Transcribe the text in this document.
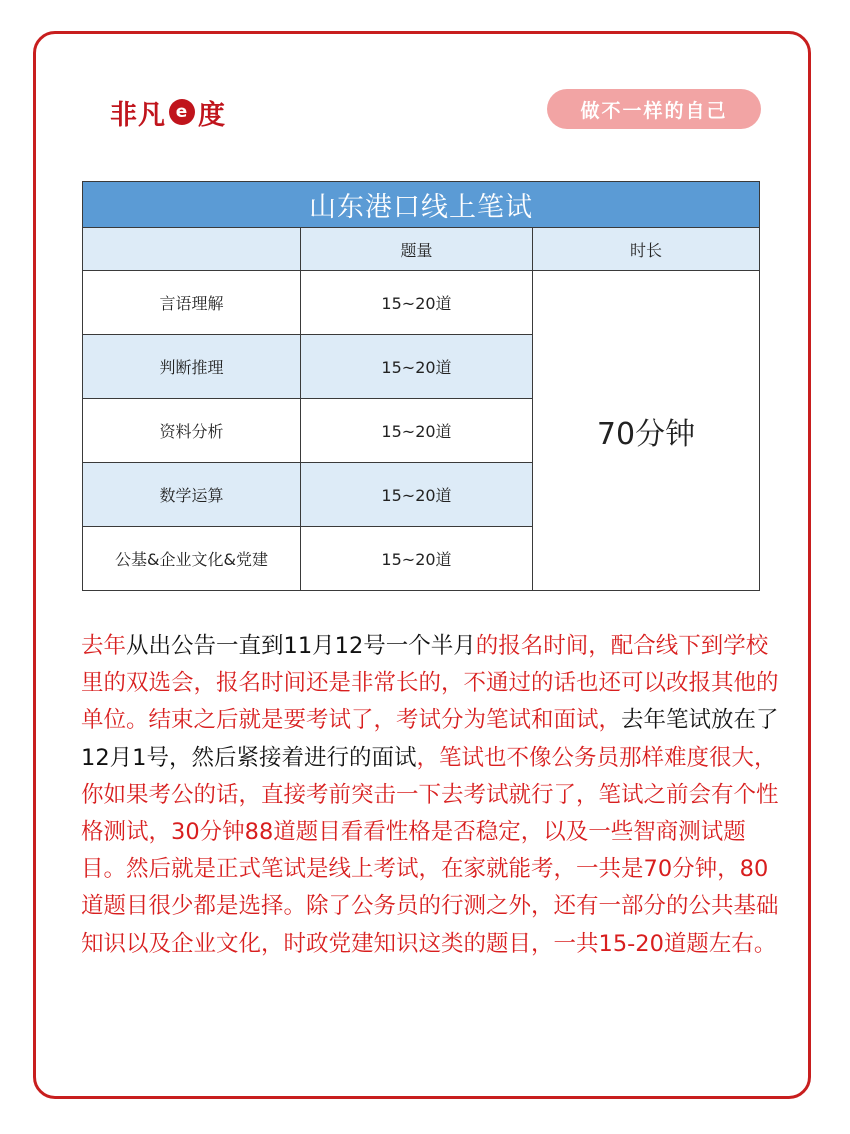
非凡 e 度	做不一样的自己
山东港口线上笔试		
	题量	时长
言语理解	15~20道	70分钟
判断推理	15~20道	
资料分析	15~20道	
数学运算	15~20道	
公基&企业文化&党建	15~20道	

去年从出公告一直到11月12号一个半月的报名时间，配合线下到学校里的双选会，报名时间还是非常长的，不通过的话也还可以改报其他的单位。结束之后就是要考试了，考试分为笔试和面试，去年笔试放在了12月1号，然后紧接着进行的面试，笔试也不像公务员那样难度很大，你如果考公的话，直接考前突击一下去考试就行了，笔试之前会有个性格测试，30分钟88道题目看看性格是否稳定，以及一些智商测试题目。然后就是正式笔试是线上考试，在家就能考，一共是70分钟，80道题目很少都是选择。除了公务员的行测之外，还有一部分的公共基础知识以及企业文化，时政党建知识这类的题目，一共15-20道题左右。
